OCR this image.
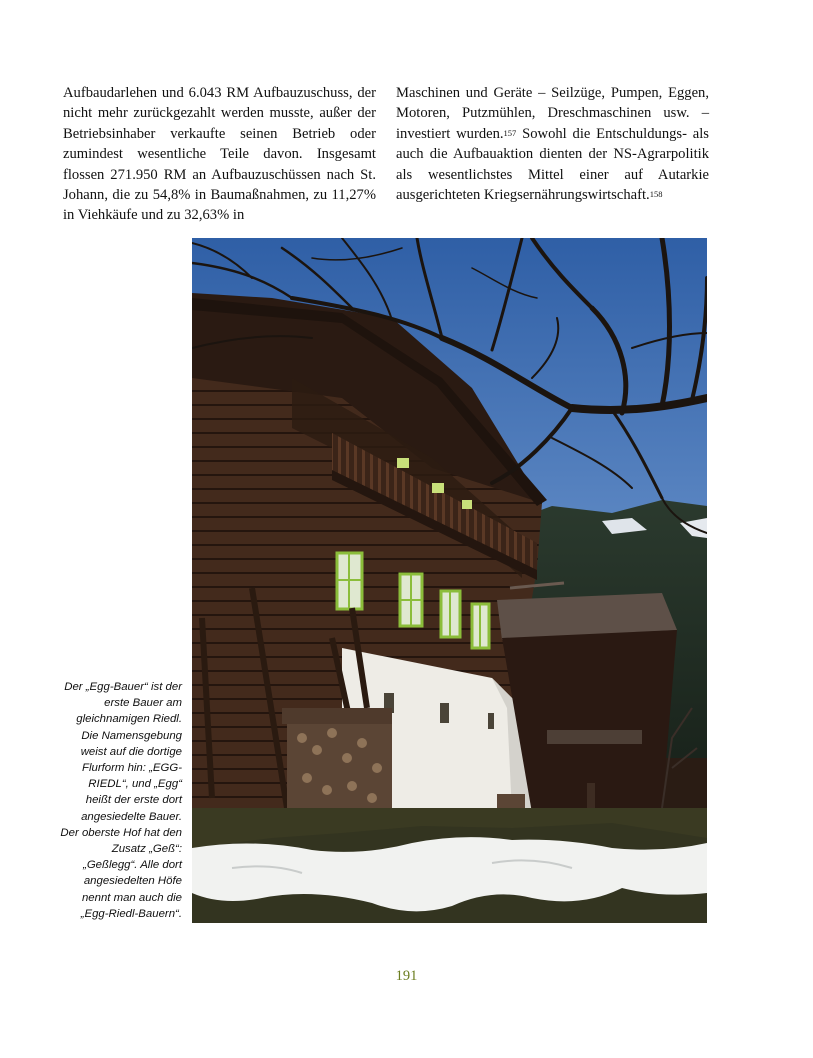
Aufbaudarlehen und 6.043 RM Aufbauzuschuss, der nicht mehr zurückgezahlt werden musste, außer der Betriebsinhaber verkaufte seinen Betrieb oder zumindest wesentliche Teile davon. Insgesamt flossen 271.950 RM an Aufbauzuschüssen nach St. Johann, die zu 54,8% in Baumaßnahmen, zu 11,27% in Viehkäufe und zu 32,63% in

Maschinen und Geräte – Seilzüge, Pumpen, Eggen, Motoren, Putzmühlen, Dreschmaschinen usw. – investiert wurden.$^{157}$ Sowohl die Entschuldungs- als auch die Aufbauaktion dienten der NS-Agrarpolitik als wesentlichstes Mittel einer auf Autarkie ausgerichteten Kriegsernährungswirtschaft.$^{158}$

Der „Egg-Bauer“ ist der erste Bauer am gleichnamigen Riedl. Die Namensgebung weist auf die dortige Flurform hin: „EGG-RIEDL“, und „Egg“ heißt der erste dort angesiedelte Bauer. Der oberste Hof hat den Zusatz „Geß“: „Geßlegg“. Alle dort angesiedelten Höfe nennt man auch die „Egg-Riedl-Bauern“.
191
